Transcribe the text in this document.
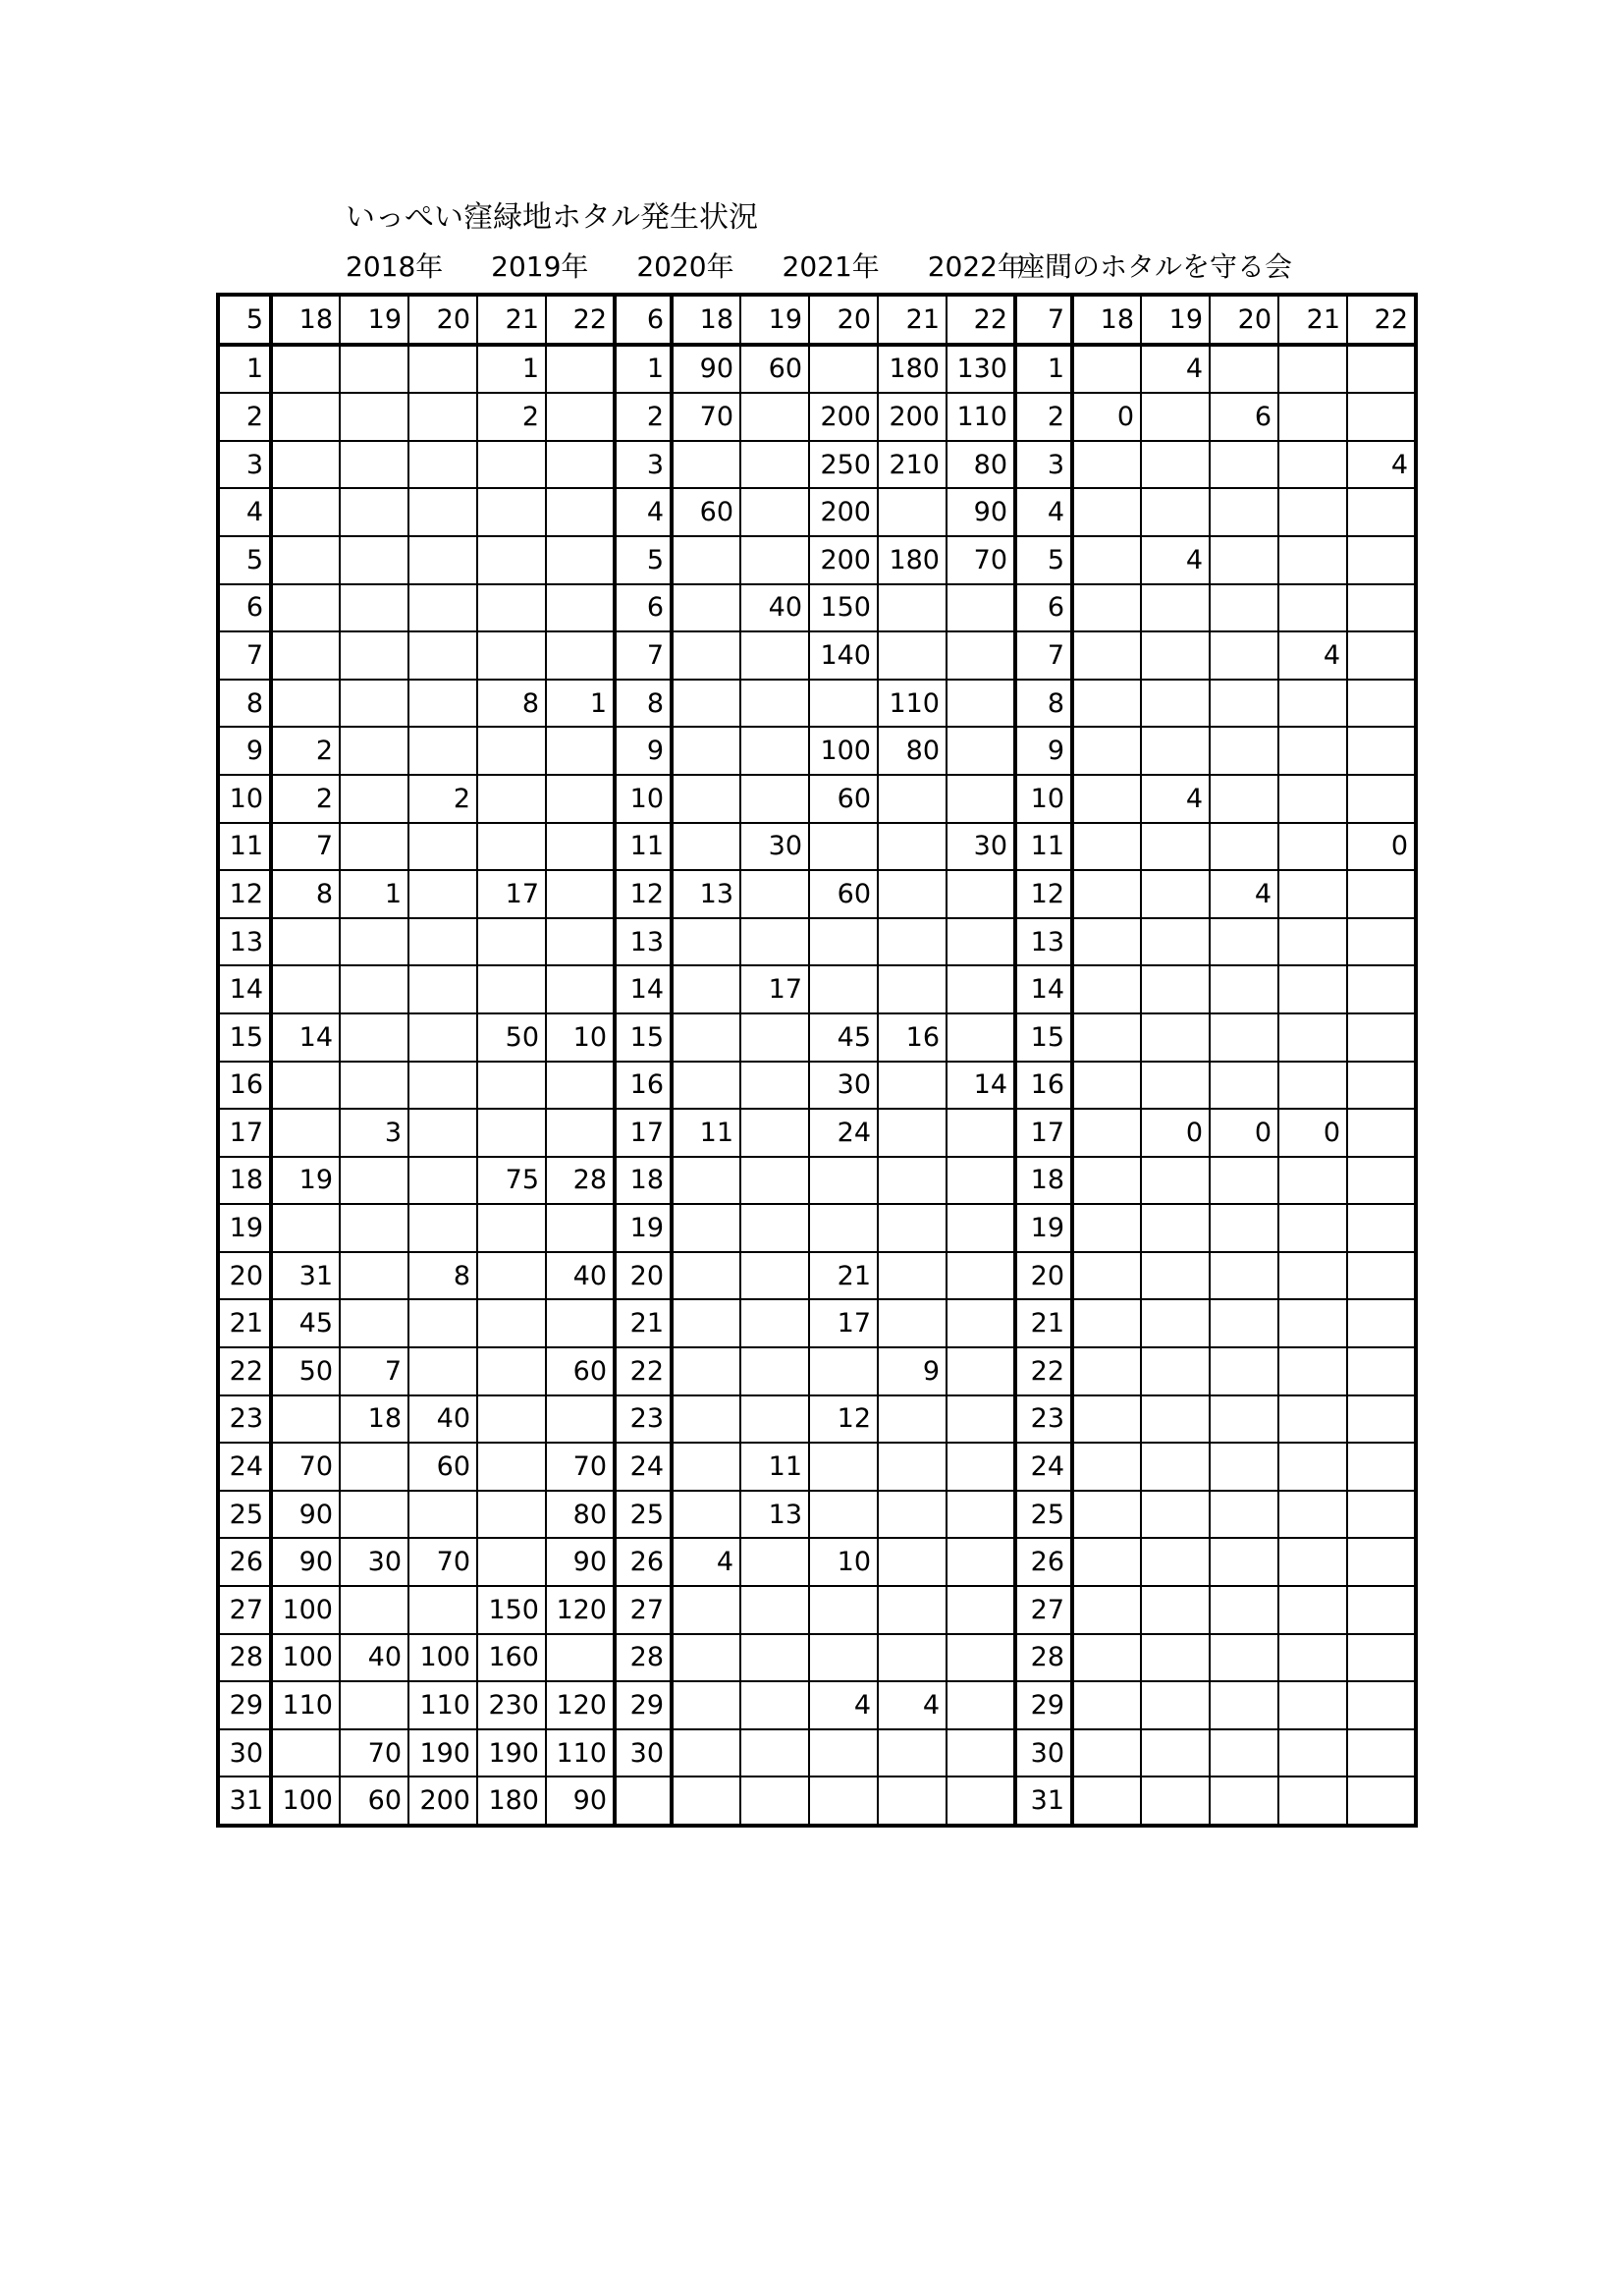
いっぺい窪緑地ホタル発生状況
2018年 2019年 2020年 2021年 2022年
座間のホタルを守る会
5	18	19	20	21	22	6	18	19	20	21	22	7	18	19	20	21	22
1				1		1	90	60		180	130	1		4			
2				2		2	70		200	200	110	2	0		6		
3						3			250	210	80	3					4
4						4	60		200		90	4					
5						5			200	180	70	5		4			
6						6		40	150			6					
7						7			140			7				4	
8				8	1	8				110		8					
9	2					9			100	80		9					
10	2		2			10			60			10		4			
11	7					11		30			30	11					0
12	8	1		17		12	13		60			12			4		
13						13						13					
14						14		17				14					
15	14			50	10	15			45	16		15					
16						16			30		14	16					
17		3				17	11		24			17		0	0	0	
18	19			75	28	18						18					
19						19						19					
20	31		8		40	20			21			20					
21	45					21			17			21					
22	50	7			60	22				9		22					
23		18	40			23			12			23					
24	70		60		70	24		11				24					
25	90				80	25		13				25					
26	90	30	70		90	26	4		10			26					
27	100			150	120	27						27					
28	100	40	100	160		28						28					
29	110		110	230	120	29			4	4		29					
30		70	190	190	110	30						30					
31	100	60	200	180	90							31					
